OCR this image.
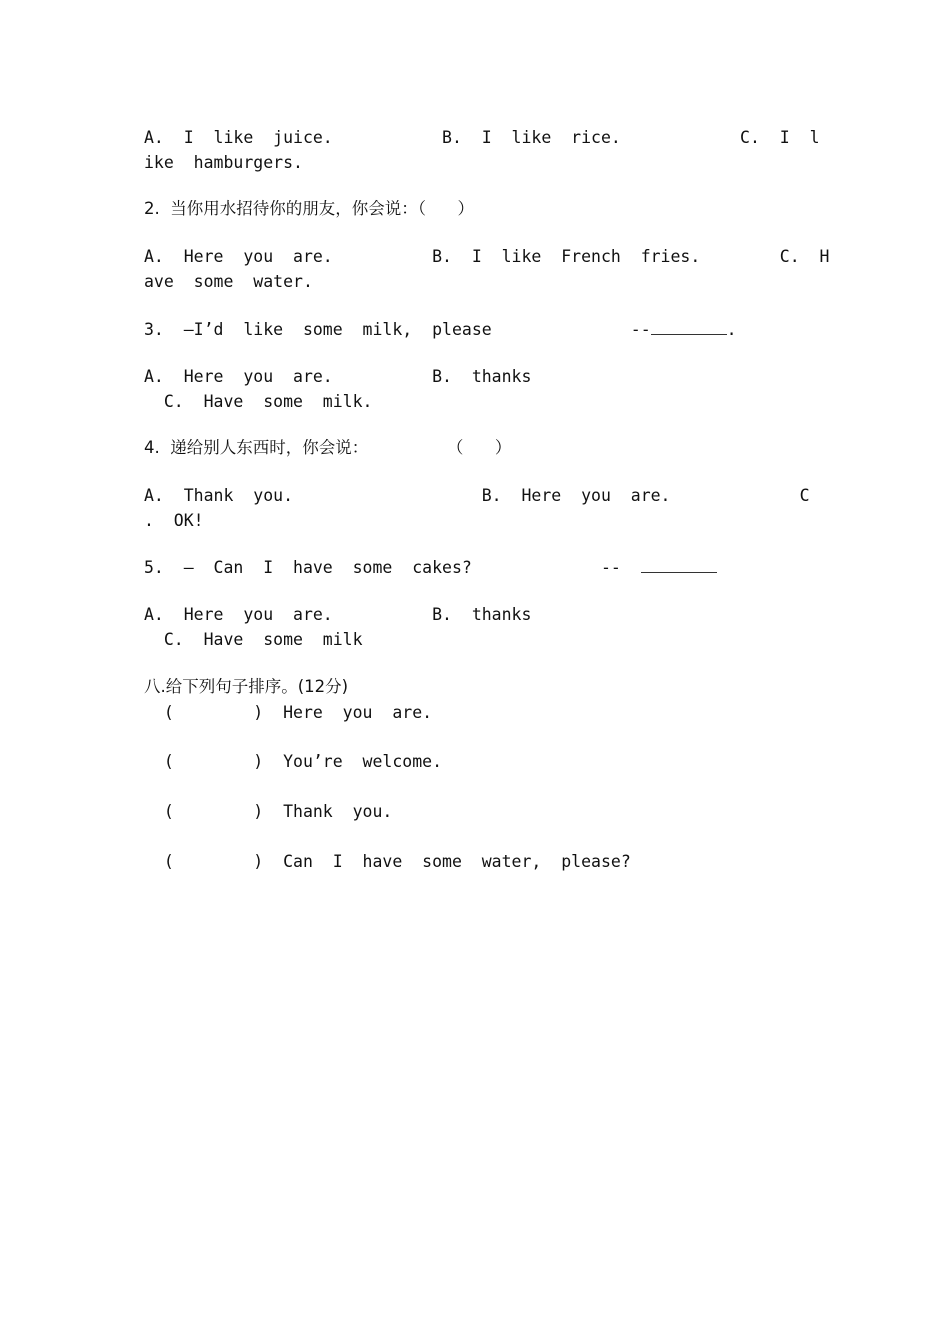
A.  I  like  juice.           B.  I  like  rice.            C.  I  l
ike  hamburgers.
2.  当你用水招待你的朋友，你会说：（      ）
A.  Here  you  are.          B.  I  like  French  fries.        C.  H
ave  some  water.
3.  –I’d  like  some  milk,  please              --	.
A.  Here  you  are.          B.  thanks
C.  Have  some  milk.
4.  递给别人东西时，你会说：               （      ）
A.  Thank  you.                   B.  Here  you  are.             C
.  OK!
5.  –  Can  I  have  some  cakes?             --
A.  Here  you  are.          B.  thanks
C.  Have  some  milk
八.给下列句子排序。(12分)
(        )  Here  you  are.
(        )  You’re  welcome.
(        )  Thank  you.
(        )  Can  I  have  some  water,  please?
